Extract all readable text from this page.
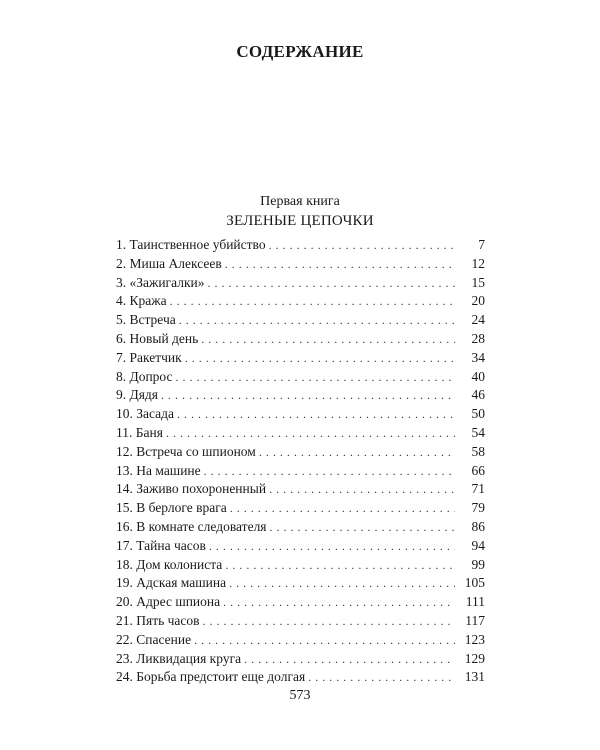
СОДЕРЖАНИЕ
Первая книга
ЗЕЛЕНЫЕ ЦЕПОЧКИ
1. Таинственное убийство . . .	7
2. Миша Алексеев . . .	12
3. «Зажигалки» . . .	15
4. Кража . . .	20
5. Встреча . . .	24
6. Новый день . . .	28
7. Ракетчик . . .	34
8. Допрос . . .	40
9. Дядя . . .	46
10. Засада . . .	50
11. Баня . . .	54
12. Встреча со шпионом . . .	58
13. На машине . . .	66
14. Заживо похороненный . . .	71
15. В берлоге врага . . .	79
16. В комнате следователя . . .	86
17. Тайна часов . . .	94
18. Дом колониста . . .	99
19. Адская машина . . .	105
20. Адрес шпиона . . .	111
21. Пять часов . . .	117
22. Спасение . . .	123
23. Ликвидация круга . . .	129
24. Борьба предстоит еще долгая . . .	131
573
